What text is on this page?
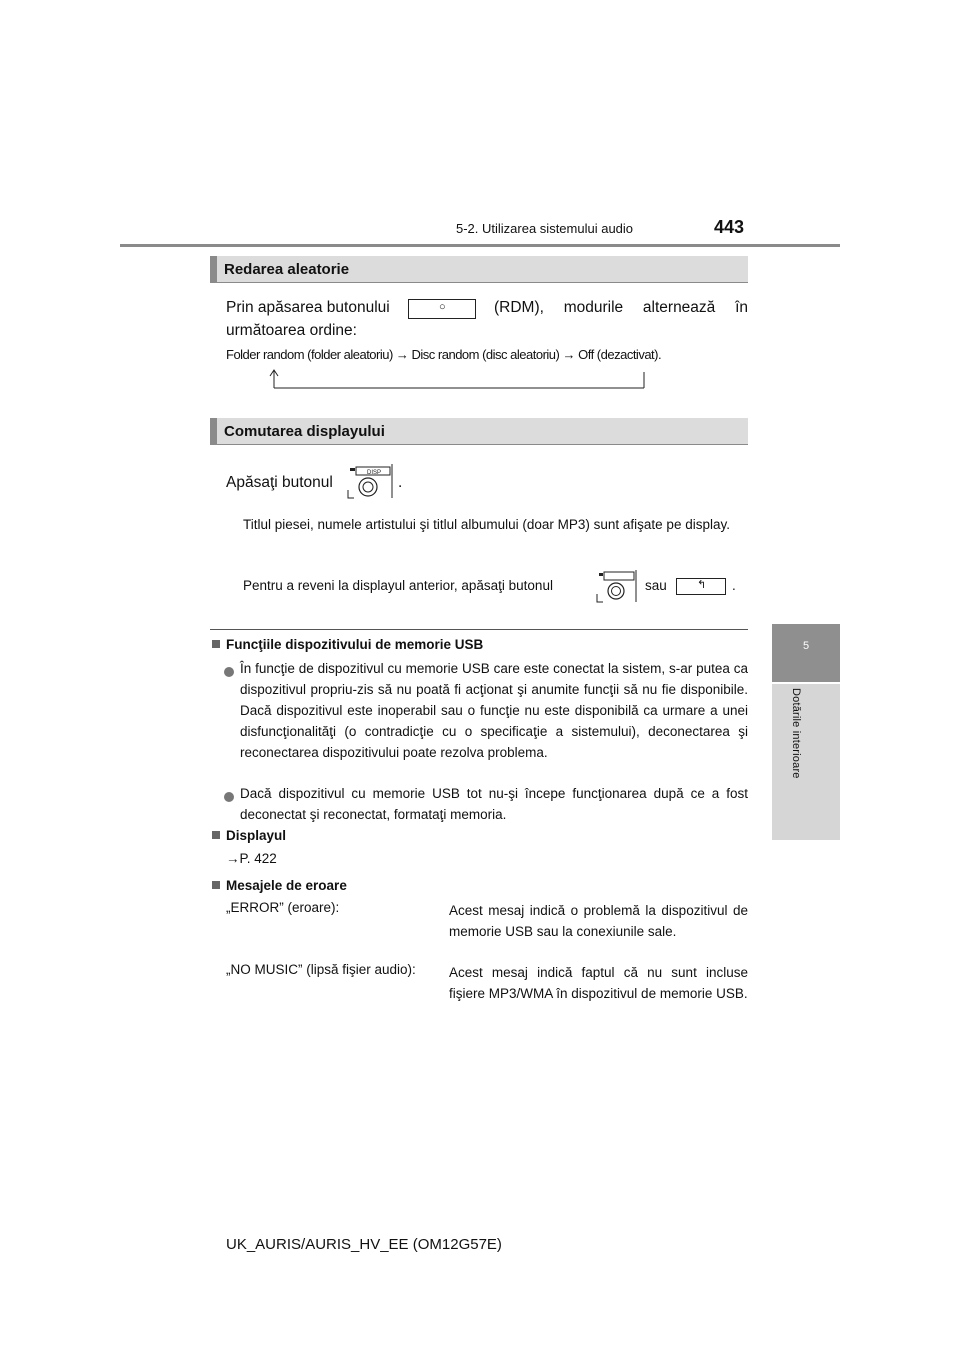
5-2. Utilizarea sistemului audio	443
5
Dotările interioare
Redarea aleatorie
Prin apăsarea butonului	○	(RDM), modurile alternează în
următoarea ordine:
Folder random (folder aleatoriu) → Disc random (disc aleatoriu) → Off (dezactivat).
Comutarea displayului
Apăsaţi butonul
DISP
.
Titlul piesei, numele artistului şi titlul albumului (doar MP3) sunt afişate pe display.
Pentru a reveni la displayul anterior, apăsaţi butonul	sau	↰ .
Funcţiile dispozitivului de memorie USB
În funcţie de dispozitivul cu memorie USB care este conectat la sistem, s-ar putea ca dispozitivul propriu-zis să nu poată fi acţionat şi anumite funcţii să nu fie disponibile. Dacă dispozitivul este inoperabil sau o funcţie nu este disponibilă ca urmare a unei disfuncţionalităţi (o contradicţie cu o specificaţie a sistemului), deconectarea şi reconectarea dispozitivului poate rezolva problema.
Dacă dispozitivul cu memorie USB tot nu-şi începe funcţionarea după ce a fost deconectat şi reconectat, formataţi memoria.
Displayul
→P. 422
Mesajele de eroare
„ERROR” (eroare):	Acest mesaj indică o problemă la dispozitivul de memorie USB sau la conexiunile sale.
„NO MUSIC” (lipsă fişier audio): Acest mesaj indică faptul că nu sunt incluse fişiere MP3/WMA în dispozitivul de memorie USB.
UK_AURIS/AURIS_HV_EE (OM12G57E)
